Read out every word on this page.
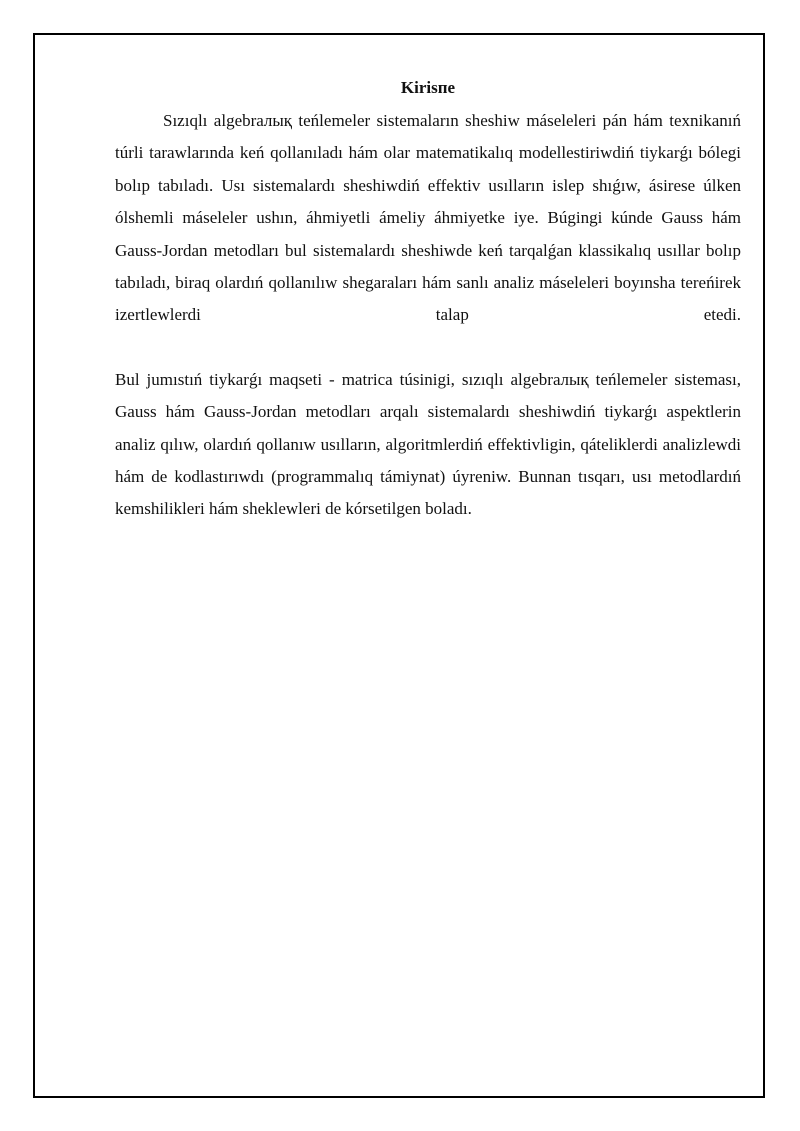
Kirisпe

Sızıqlı algebraлық teńlemeler sistemaların sheshiw máseleleri pán hám texnikanıń túrli tarawlarında keń qollanıladı hám olar matematikalıq modellestiriwdiń tiykarǵı bólegi bolıp tabıladı. Usı sistemalardı sheshiwdiń effektiv usılların islep shıǵıw, ásirese úlken ólshemli máseleler ushın, áhmiyetli ámeliy áhmiyetke iye. Búgingi kúnde Gauss hám Gauss-Jordan metodları bul sistemalardı sheshiwde keń tarqalǵan klassikalıq usıllar bolıp tabıladı, biraq olardıń qollanılıw shegaraları hám sanlı analiz máseleleri boyınsha tereńirek izertlewlerdi talap etedi.

Bul jumıstıń tiykarǵı maqseti - matrica túsinigi, sızıqlı algebraлық teńlemeler sisteması, Gauss hám Gauss-Jordan metodları arqalı sistemalardı sheshiwdiń tiykarǵı aspektlerin analiz qılıw, olardıń qollanıw usılların, algoritmlerdiń effektivligin, qáteliklerdi analizlewdi hám de kodlastırıwdı (programmalıq támiynat) úyreniw. Bunnan tısqarı, usı metodlardıń kemshilikleri hám sheklewleri de kórsetilgen boladı.
